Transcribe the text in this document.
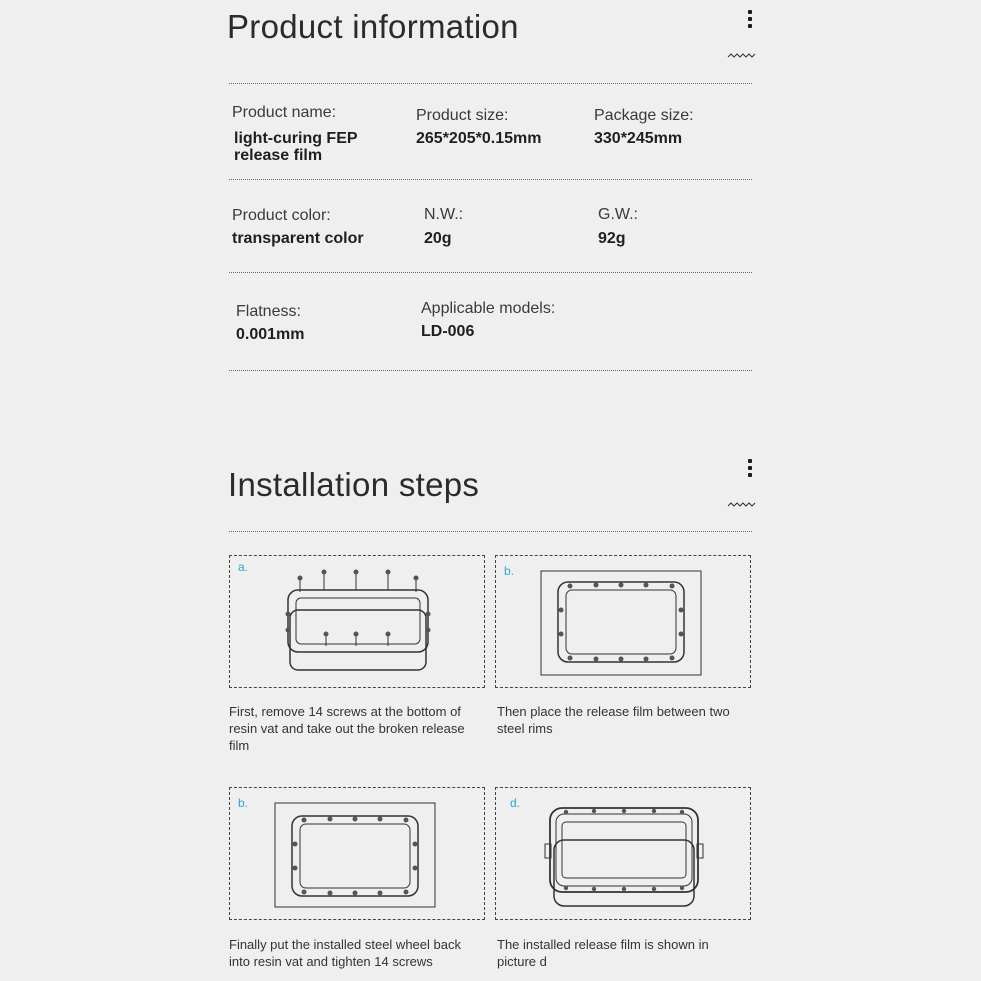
Product information
Product name:
light-curing FEP release film
Product size:
265*205*0.15mm
Package size:
330*245mm
Product color:
transparent color
N.W.:
20g
G.W.:
92g
Flatness:
0.001mm
Applicable models:
LD-006
Installation steps
a.	b.
First, remove 14 screws at the bottom of resin vat and take out the broken release film
Then place the release film between two steel rims
b.	d.
Finally put the installed steel wheel back into resin vat and tighten 14 screws
The installed release film is shown in picture d
